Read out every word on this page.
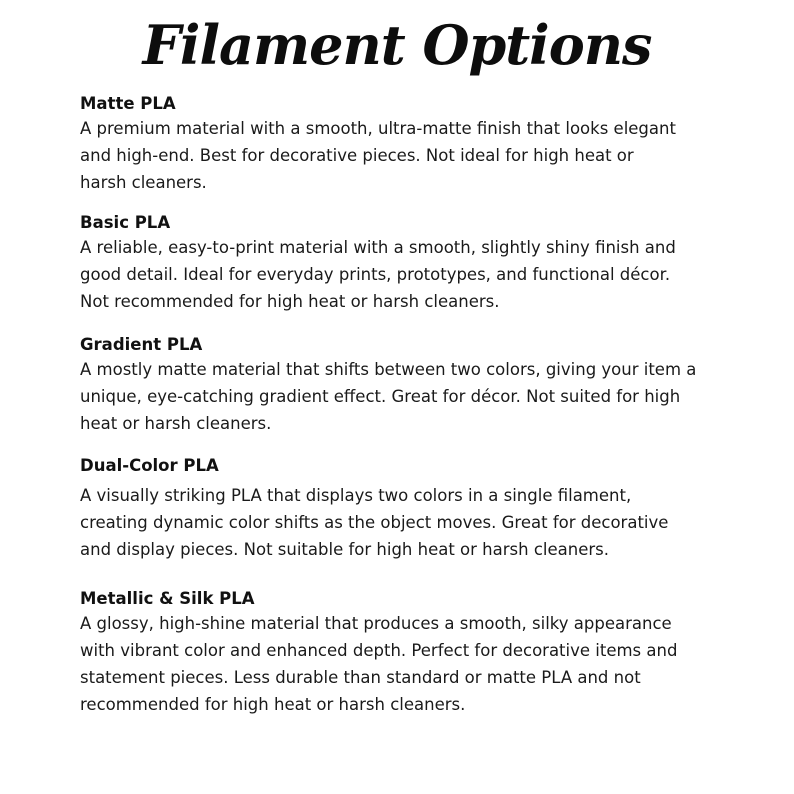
Filament Options
Matte PLA

A premium material with a smooth, ultra-matte finish that looks elegant
and high-end. Best for decorative pieces. Not ideal for high heat or
harsh cleaners.

Basic PLA

A reliable, easy-to-print material with a smooth, slightly shiny finish and
good detail. Ideal for everyday prints, prototypes, and functional décor.
Not recommended for high heat or harsh cleaners.

Gradient PLA

A mostly matte material that shifts between two colors, giving your item a
unique, eye-catching gradient effect. Great for décor. Not suited for high
heat or harsh cleaners.

Dual-Color PLA

A visually striking PLA that displays two colors in a single filament,
creating dynamic color shifts as the object moves. Great for decorative
and display pieces. Not suitable for high heat or harsh cleaners.

Metallic & Silk PLA

A glossy, high-shine material that produces a smooth, silky appearance
with vibrant color and enhanced depth. Perfect for decorative items and
statement pieces. Less durable than standard or matte PLA and not
recommended for high heat or harsh cleaners.
